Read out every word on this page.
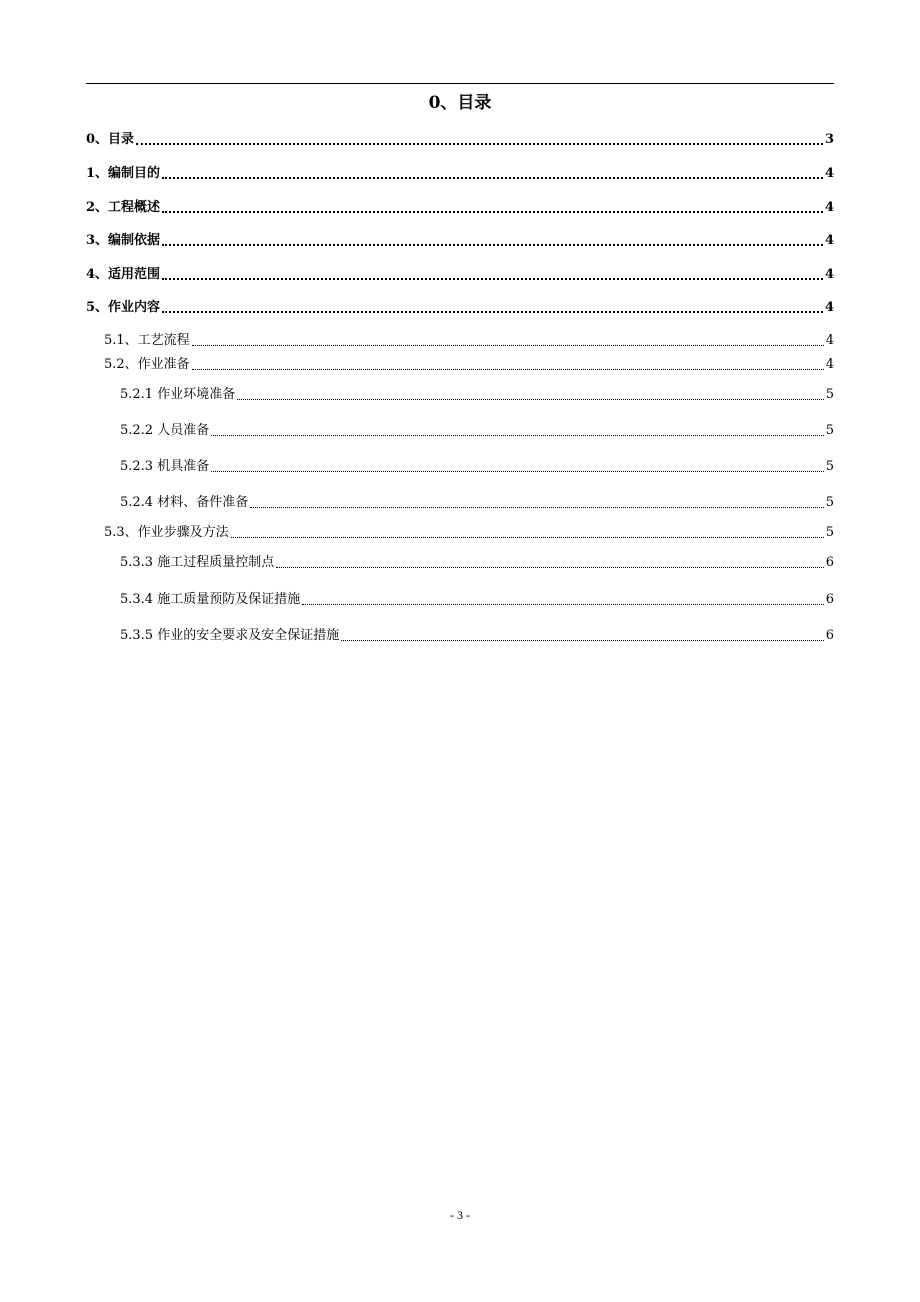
0、目录
0、目录	3
1、编制目的	4
2、工程概述	4
3、编制依据	4
4、适用范围	4
5、作业内容	4
5.1、工艺流程	4
5.2、作业准备	4
5.2.1 作业环境准备	5
5.2.2 人员准备	5
5.2.3 机具准备	5
5.2.4 材料、备件准备	5
5.3、作业步骤及方法	5
5.3.3 施工过程质量控制点	6
5.3.4 施工质量预防及保证措施	6
5.3.5 作业的安全要求及安全保证措施	6
- 3 -
